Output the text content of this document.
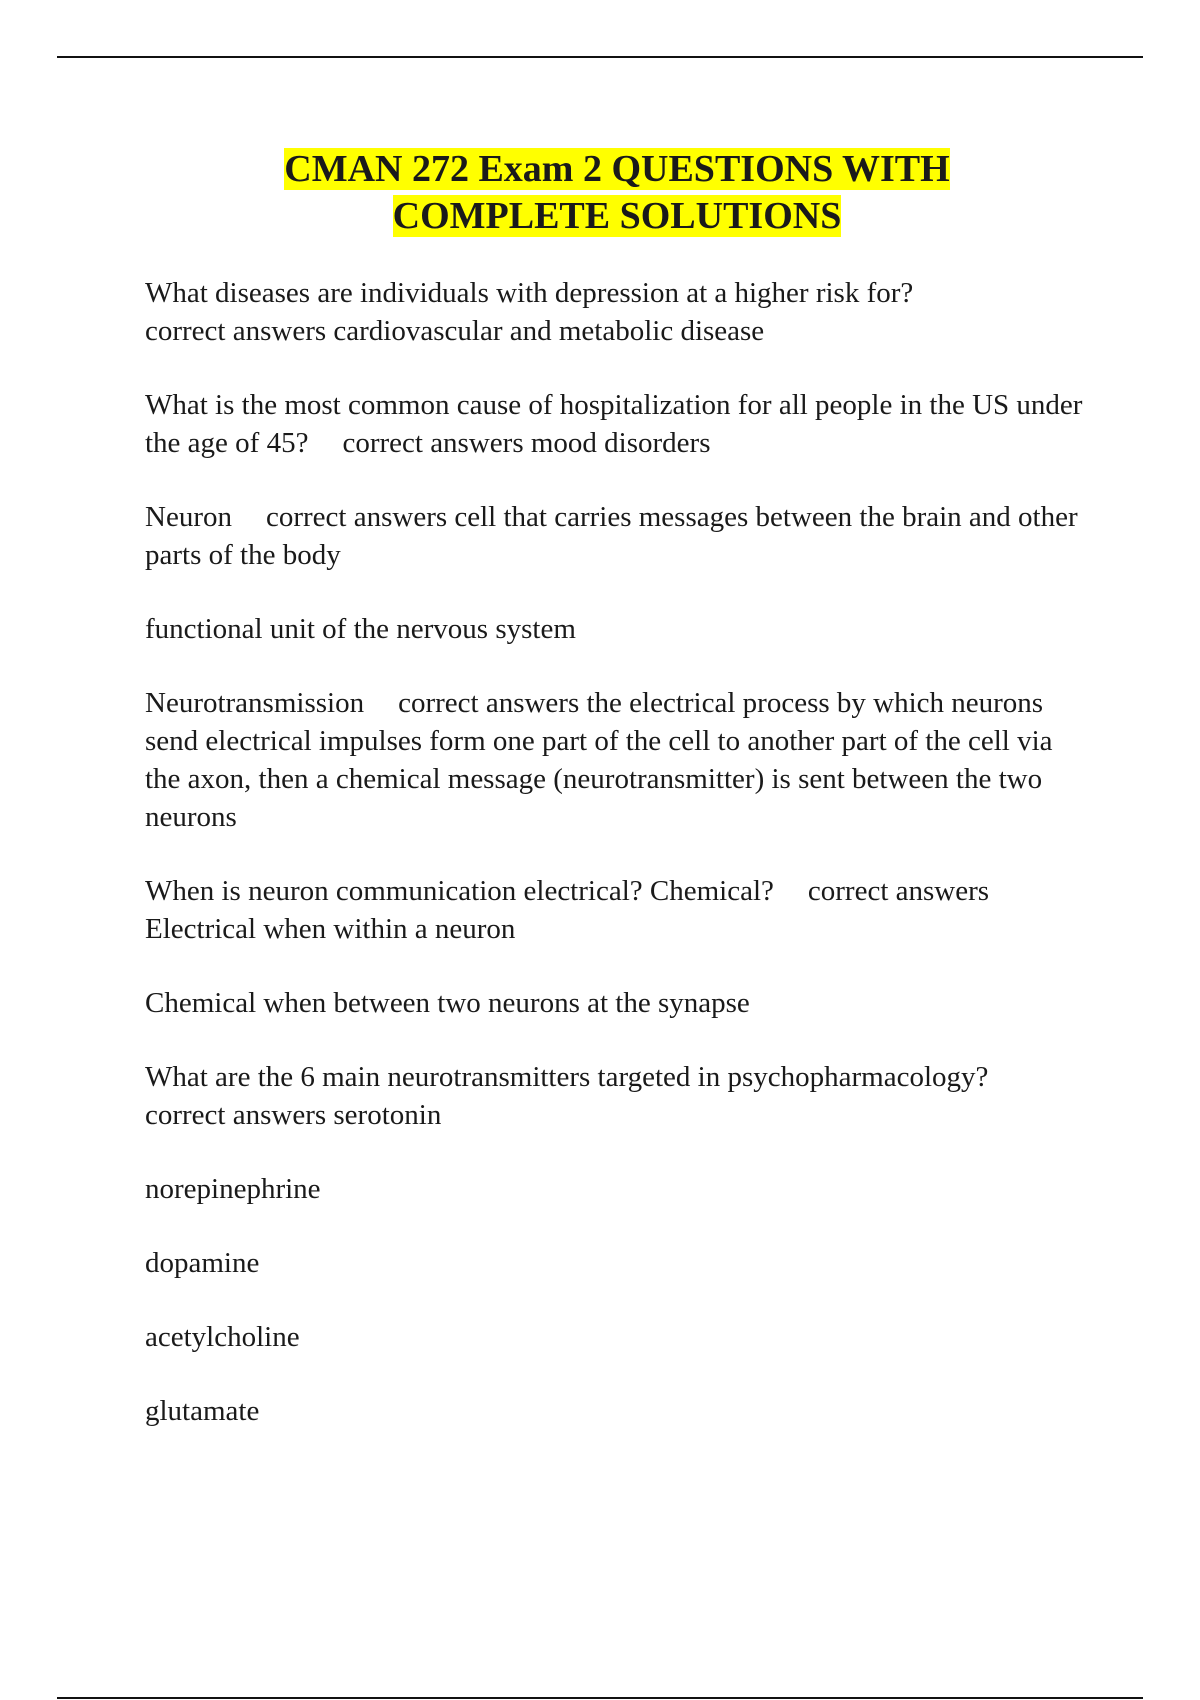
CMAN 272 Exam 2 QUESTIONS WITH
COMPLETE SOLUTIONS

What diseases are individuals with depression at a higher risk for?
correct answers cardiovascular and metabolic disease

What is the most common cause of hospitalization for all people in the US under the age of 45? correct answers mood disorders

Neuron correct answers cell that carries messages between the brain and other parts of the body

functional unit of the nervous system

Neurotransmission correct answers the electrical process by which neurons send electrical impulses form one part of the cell to another part of the cell via the axon, then a chemical message (neurotransmitter) is sent between the two neurons

When is neuron communication electrical? Chemical? correct answers Electrical when within a neuron

Chemical when between two neurons at the synapse

What are the 6 main neurotransmitters targeted in psychopharmacology?
correct answers serotonin

norepinephrine

dopamine

acetylcholine

glutamate
